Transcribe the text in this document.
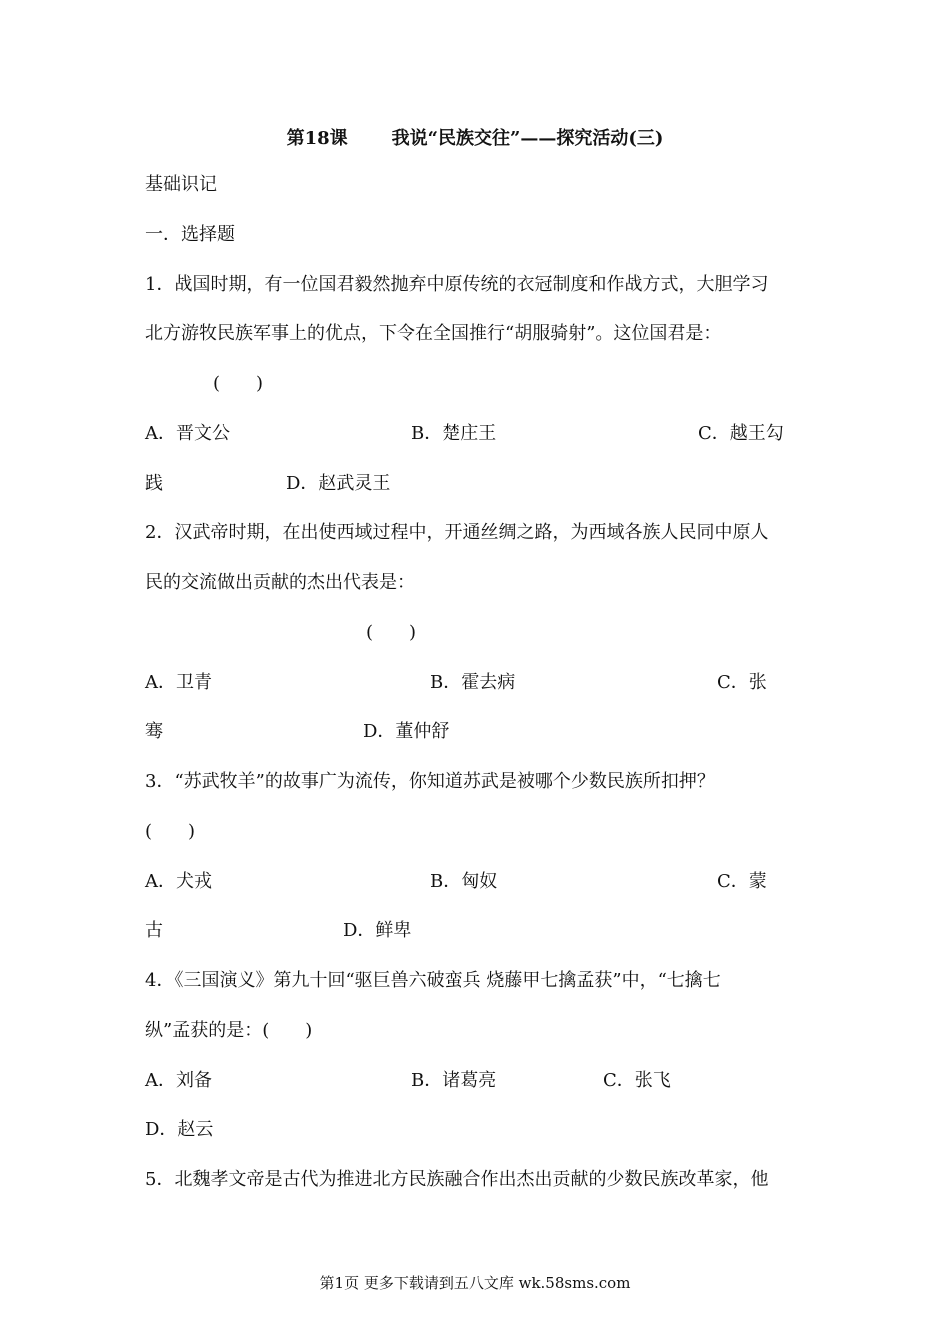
第18课 我说“民族交往”——探究活动(三)
基础识记
一．选择题
1．战国时期，有一位国君毅然抛弃中原传统的衣冠制度和作战方式，大胆学习
北方游牧民族军事上的优点，下令在全国推行“胡服骑射”。这位国君是：
(　　)
A．晋文公	B．楚庄王	C．越王勾
践	D．赵武灵王
2．汉武帝时期，在出使西域过程中，开通丝绸之路，为西域各族人民同中原人
民的交流做出贡献的杰出代表是：
(　　)
A．卫青	B．霍去病	C．张
骞	D．董仲舒
3．“苏武牧羊”的故事广为流传，你知道苏武是被哪个少数民族所扣押？
(　　)
A．犬戎	B．匈奴	C．蒙
古	D．鲜卑
4．《三国演义》第九十回“驱巨兽六破蛮兵 烧藤甲七擒孟获”中，“七擒七
纵”孟获的是：(　　)
A．刘备	B．诸葛亮	C．张飞
D．赵云
5．北魏孝文帝是古代为推进北方民族融合作出杰出贡献的少数民族改革家，他
第1页 更多下载请到五八文库 wk.58sms.com
